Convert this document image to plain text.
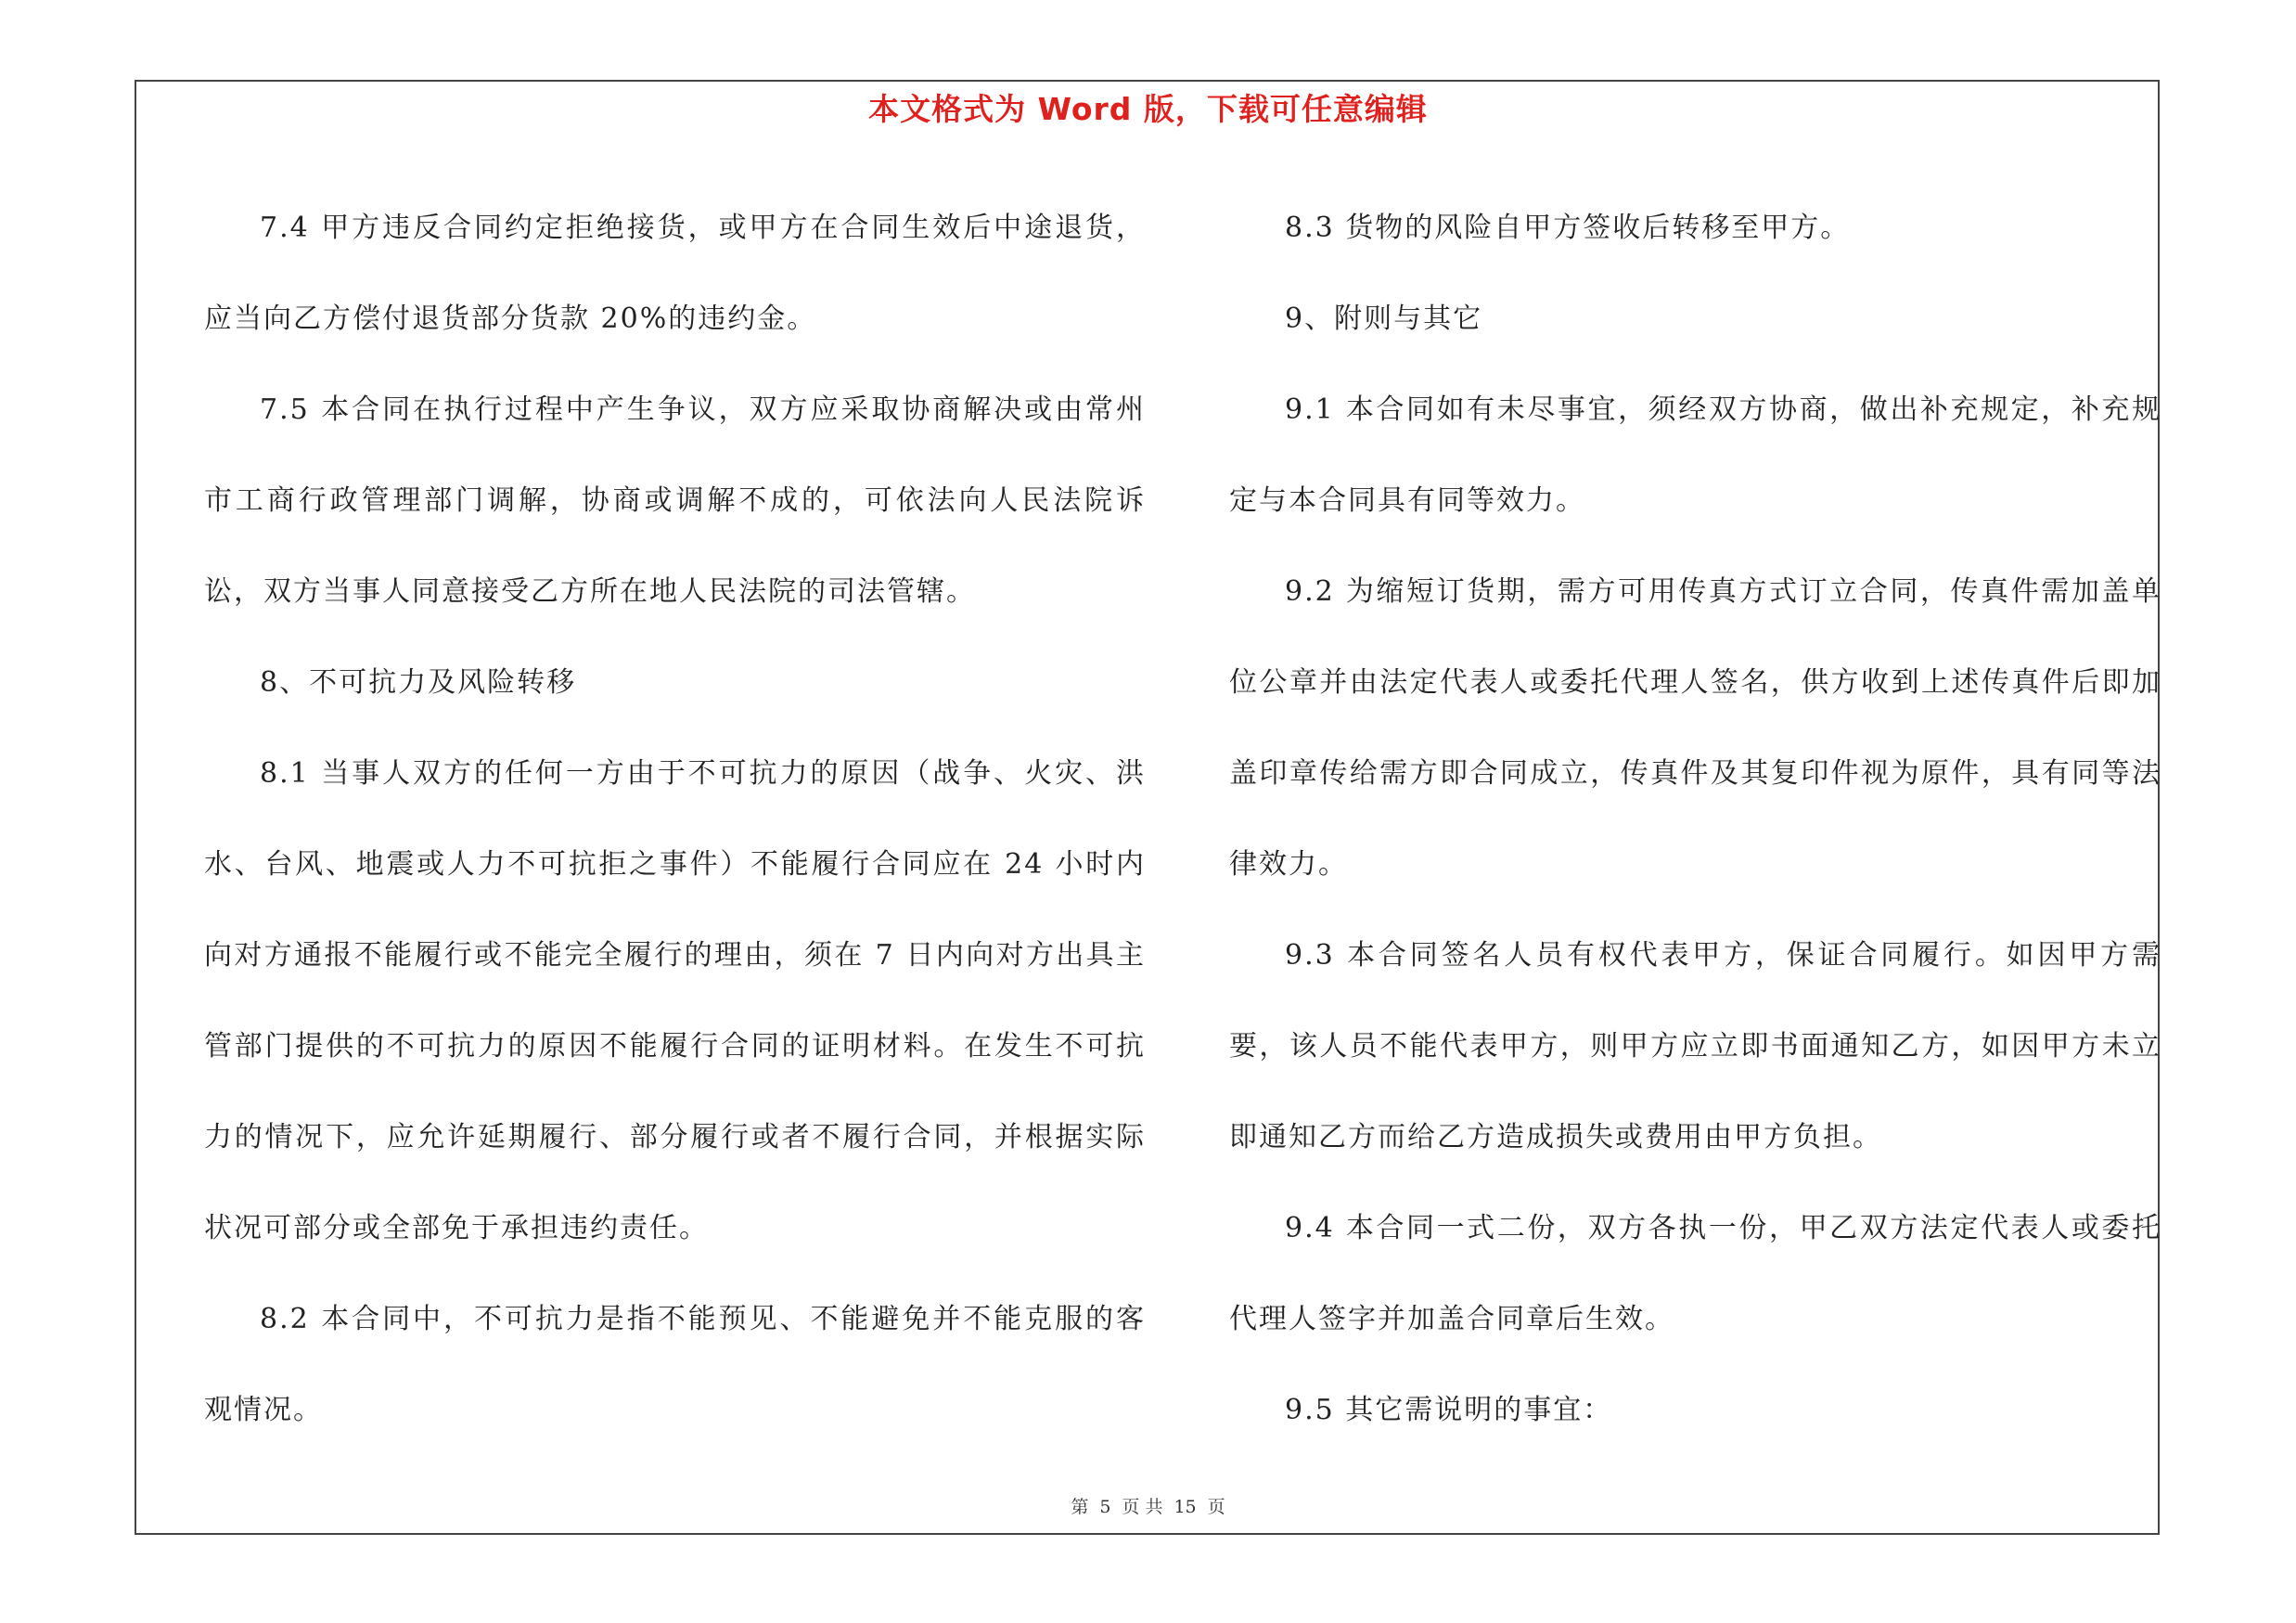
本文格式为 Word 版，下载可任意编辑

7.4 甲方违反合同约定拒绝接货，或甲方在合同生效后中途退货，应当向乙方偿付退货部分货款 20%的违约金。

7.5 本合同在执行过程中产生争议，双方应采取协商解决或由常州市工商行政管理部门调解，协商或调解不成的，可依法向人民法院诉讼，双方当事人同意接受乙方所在地人民法院的司法管辖。

8、不可抗力及风险转移

8.1 当事人双方的任何一方由于不可抗力的原因（战争、火灾、洪水、台风、地震或人力不可抗拒之事件）不能履行合同应在 24 小时内向对方通报不能履行或不能完全履行的理由，须在 7 日内向对方出具主管部门提供的不可抗力的原因不能履行合同的证明材料。在发生不可抗力的情况下，应允许延期履行、部分履行或者不履行合同，并根据实际状况可部分或全部免于承担违约责任。

8.2 本合同中，不可抗力是指不能预见、不能避免并不能克服的客观情况。

8.3 货物的风险自甲方签收后转移至甲方。

9、附则与其它

9.1 本合同如有未尽事宜，须经双方协商，做出补充规定，补充规定与本合同具有同等效力。

9.2 为缩短订货期，需方可用传真方式订立合同，传真件需加盖单位公章并由法定代表人或委托代理人签名，供方收到上述传真件后即加盖印章传给需方即合同成立，传真件及其复印件视为原件，具有同等法律效力。

9.3 本合同签名人员有权代表甲方，保证合同履行。如因甲方需要，该人员不能代表甲方，则甲方应立即书面通知乙方，如因甲方未立即通知乙方而给乙方造成损失或费用由甲方负担。

9.4 本合同一式二份，双方各执一份，甲乙双方法定代表人或委托代理人签字并加盖合同章后生效。

9.5 其它需说明的事宜：

第 5 页 共 15 页
